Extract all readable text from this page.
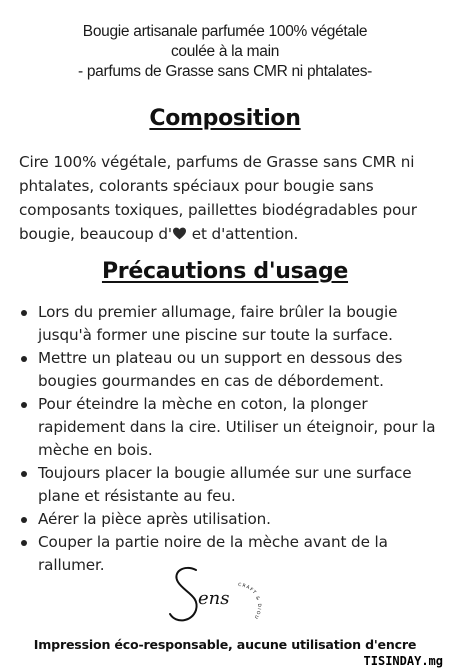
Bougie artisanale parfumée 100% végétale
coulée à la main
- parfums de Grasse sans CMR ni phtalates-
Composition

Cire 100% végétale, parfums de Grasse sans CMR ni phtalates, colorants spéciaux pour bougie sans composants toxiques, paillettes biodégradables pour bougie, beaucoup d' et d'attention.

Précautions d'usage
Lors du premier allumage, faire brûler la bougie jusqu'à former une piscine sur toute la surface.
Mettre un plateau ou un support en dessous des bougies gourmandes en cas de débordement.
Pour éteindre la mèche en coton, la plonger rapidement dans la cire. Utiliser un éteignoir, pour la mèche en bois.
Toujours placer la bougie allumée sur une surface plane et résistante au feu.
Aérer la pièce après utilisation.
Couper la partie noire de la mèche avant de la rallumer.
ens
CRAFT & DIOU
Impression éco-responsable, aucune utilisation d'encre
TISINDAY.mg
